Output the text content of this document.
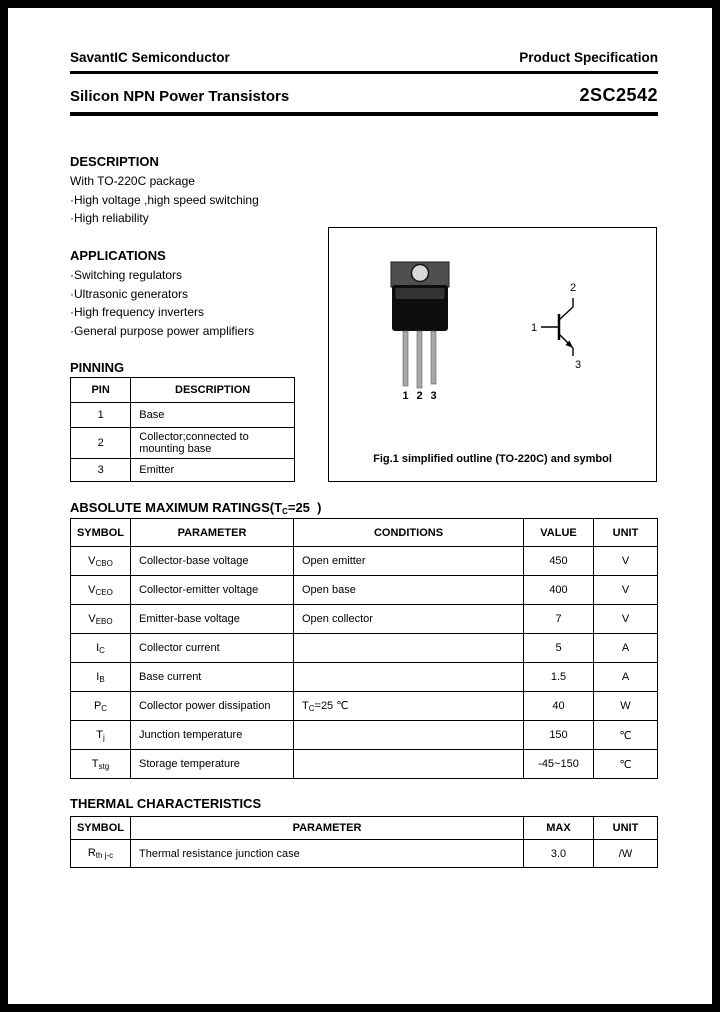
SavantIC Semiconductor	Product Specification
Silicon NPN Power Transistors	2SC2542
DESCRIPTION
With TO-220C package
·High voltage ,high speed switching
·High reliability
APPLICATIONS
·Switching regulators
·Ultrasonic generators
·High frequency inverters
·General purpose power amplifiers
PINNING
PIN	DESCRIPTION
1	Base
2	Collector;connected to mounting base
3	Emitter
1 2 3
2
1
3
Fig.1 simplified outline (TO-220C) and symbol
ABSOLUTE MAXIMUM RATINGS(TC=25  )
SYMBOL	PARAMETER	CONDITIONS	VALUE	UNIT
VCBO	Collector-base voltage	Open emitter	450	V
VCEO	Collector-emitter voltage	Open base	400	V
VEBO	Emitter-base voltage	Open collector	7	V
IC	Collector current		5	A
IB	Base current		1.5	A
PC	Collector power dissipation	TC=25 ℃	40	W
Tj	Junction temperature		150	℃
Tstg	Storage temperature		-45~150	℃
THERMAL CHARACTERISTICS
SYMBOL	PARAMETER	MAX	UNIT
Rth j-c	Thermal resistance junction case	3.0	/W
